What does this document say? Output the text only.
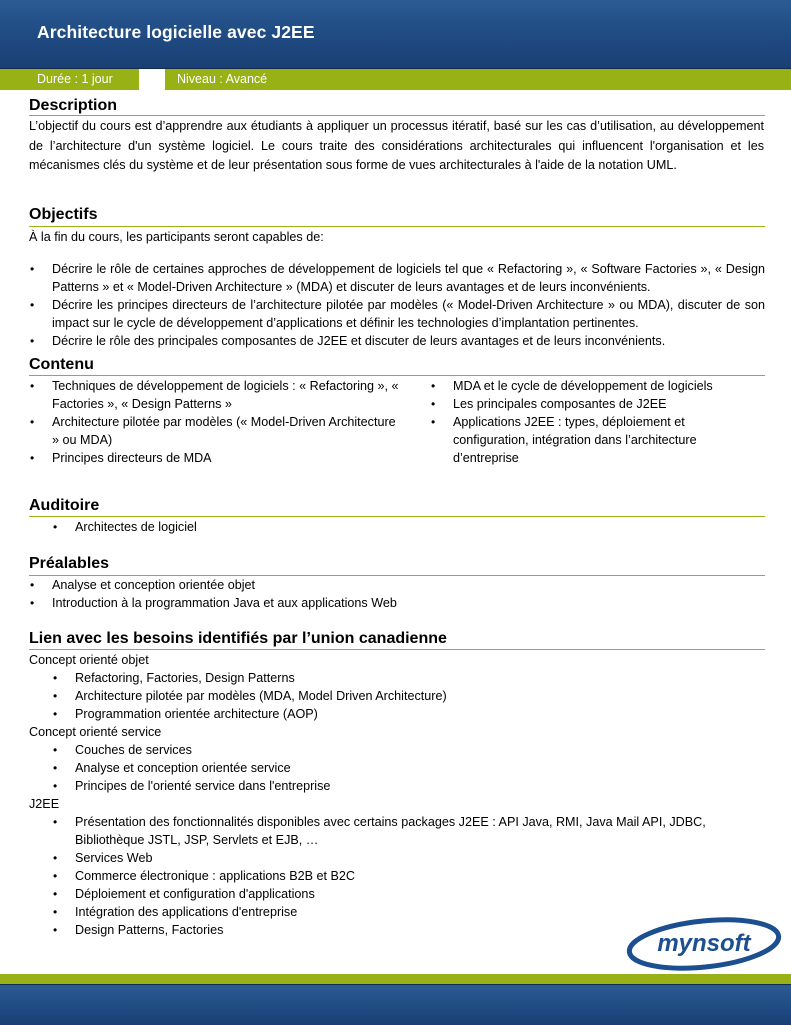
Architecture logicielle avec J2EE
Durée : 1 jour	Niveau : Avancé
Description

L’objectif du cours est d’apprendre aux étudiants à appliquer un processus itératif, basé sur les cas d’utilisation, au développement de l’architecture d'un système logiciel. Le cours traite des considérations architecturales qui influencent l'organisation et les mécanismes clés du système et de leur présentation sous forme de vues architecturales à l'aide de la notation UML.

Objectifs

À la fin du cours, les participants seront capables de:

• Décrire le rôle de certaines approches de développement de logiciels tel que « Refactoring », « Software Factories », « Design Patterns » et « Model-Driven Architecture » (MDA) et discuter de leurs avantages et de leurs inconvénients.
• Décrire les principes directeurs de l’architecture pilotée par modèles (« Model-Driven Architecture » ou MDA), discuter de son impact sur le cycle de développement d’applications et définir les technologies d’implantation pertinentes.
• Décrire le rôle des principales composantes de J2EE et discuter de leurs avantages et de leurs inconvénients.
Contenu
• Techniques de développement de logiciels : « Refactoring », « Factories », « Design Patterns »
• Architecture pilotée par modèles (« Model-Driven Architecture » ou MDA)
• Principes directeurs de MDA
• MDA et le cycle de développement de logiciels
• Les principales composantes de J2EE
• Applications J2EE : types, déploiement et configuration, intégration dans l’architecture d’entreprise
Auditoire
• Architectes de logiciel
Préalables
• Analyse et conception orientée objet
• Introduction à la programmation Java et aux applications Web
Lien avec les besoins identifiés par l’union canadienne

Concept orienté objet

• Refactoring, Factories, Design Patterns
• Architecture pilotée par modèles (MDA, Model Driven Architecture)
• Programmation orientée architecture (AOP)

Concept orienté service

• Couches de services
• Analyse et conception orientée service
• Principes de l'orienté service dans l'entreprise

J2EE

• Présentation des fonctionnalités disponibles avec certains packages J2EE : API Java, RMI, Java Mail API, JDBC, Bibliothèque JSTL, JSP, Servlets et EJB, …
• Services Web
• Commerce électronique : applications B2B et B2C
• Déploiement et configuration d'applications
• Intégration des applications d'entreprise
• Design Patterns, Factories	mynsoft
